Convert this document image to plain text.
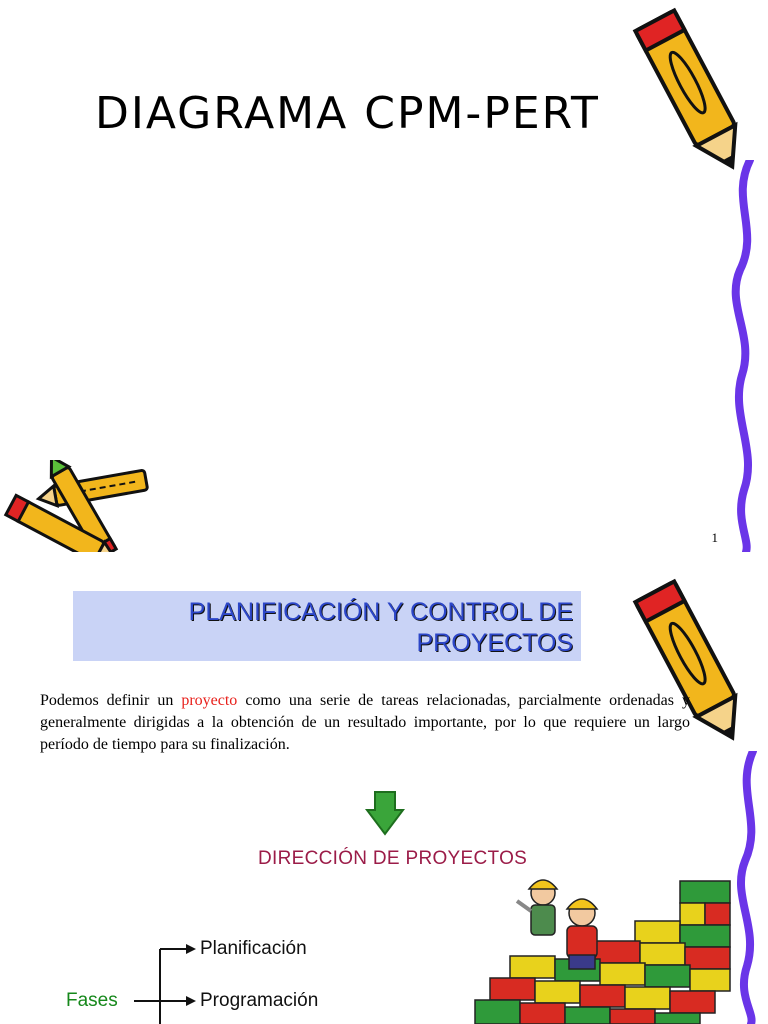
DIAGRAMA CPM-PERT
1
PLANIFICACIÓN Y CONTROL DE PROYECTOS

Podemos definir un proyecto como una serie de tareas relacionadas, parcialmente ordenadas y generalmente dirigidas a la obtención de un resultado importante, por lo que requiere un largo período de tiempo para su finalización.

DIRECCIÓN DE PROYECTOS
Fases
Planificación
Programación
